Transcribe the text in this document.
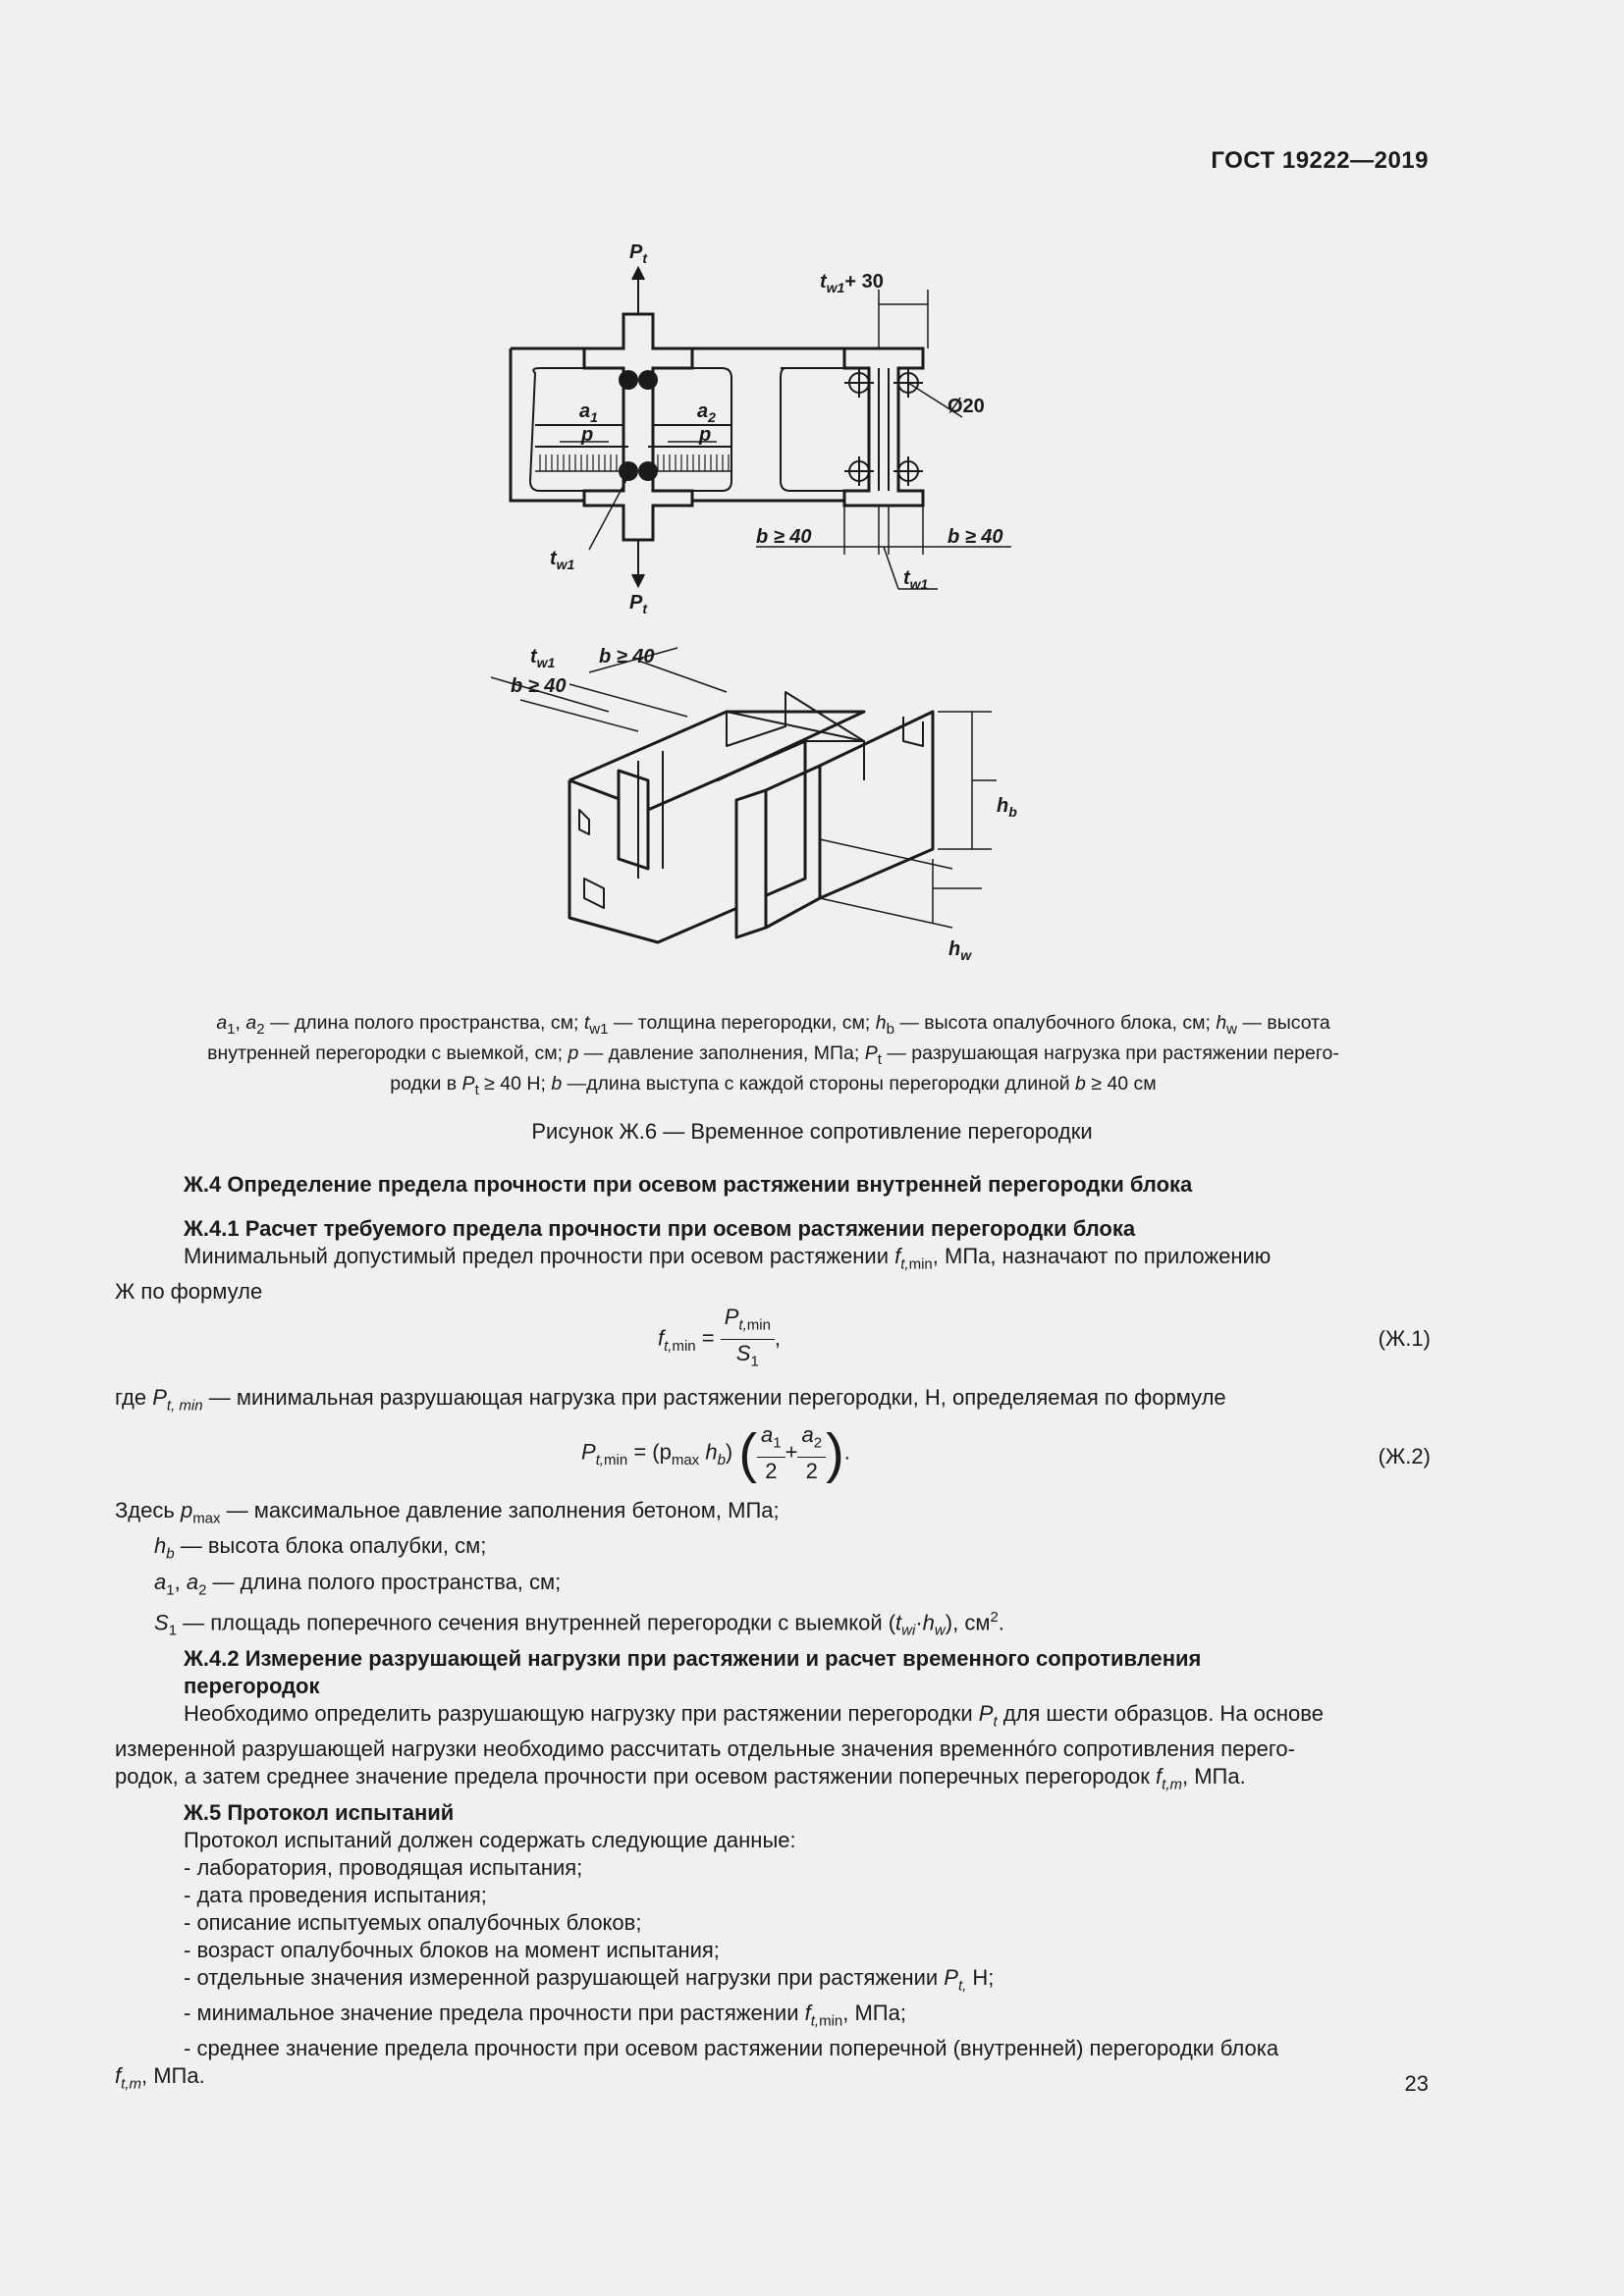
ГОСТ 19222—2019
$P_t$
$P_t$
$a_1$	$a_2$
p	p
$t_{w1}$
$t_{w1}+ 30$
Ø20
b ≥ 40	b ≥ 40
$t_{w1}$
$t_{w1}$ b ≥ 40
b ≥ 40
$h_b$
$h_w$
$a_1$, $a_2$ — длина полого пространства, см; $t_{w1}$ — толщина перегородки, см; $h_b$ — высота опалубочного блока, см; $h_w$ — высота
внутренней перегородки с выемкой, см; p — давление заполнения, МПа; $P_t$ — разрушающая нагрузка при растяжении перего-
родки в $P_t \ge 40$ Н; b —длина выступа с каждой стороны перегородки длиной b ≥ 40 см
Рисунок Ж.6 — Временное сопротивление перегородки
Ж.4 Определение предела прочности при осевом растяжении внутренней перегородки блока
Ж.4.1 Расчет требуемого предела прочности при осевом растяжении перегородки блока
Минимальный допустимый предел прочности при осевом растяжении $f_{t,min}$, МПа, назначают по приложению
Ж по формуле
$f_{t,min} = \frac{P_{t,min}}{S_1}$ ,	(Ж.1)
где $P_{t, min}$ — минимальная разрушающая нагрузка при растяжении перегородки, Н, определяемая по формуле
$P_{t,min} = (p_{max}$ $h_b$) ( $\frac{a_1}{2} + \frac{a_2}{2}$ ).	(Ж.2)
Здесь $p_{max}$ — максимальное давление заполнения бетоном, МПа;
$h_b$ — высота блока опалубки, см;
$a_1$, $a_2$ — длина полого пространства, см;
$S_1$ — площадь поперечного сечения внутренней перегородки с выемкой $(t_{wi}\cdot h_w)$, $см^2$.
Ж.4.2 Измерение разрушающей нагрузки при растяжении и расчет временного сопротивления
перегородок
Необходимо определить разрушающую нагрузку при растяжении перегородки $P_t$ для шести образцов. На основе
измеренной разрушающей нагрузки необходимо рассчитать отдельные значения временнóго сопротивления перего-
родок, а затем среднее значение предела прочности при осевом растяжении поперечных перегородок $f_{t,m}$, МПа.
Ж.5 Протокол испытаний
Протокол испытаний должен содержать следующие данные:
- лаборатория, проводящая испытания;
- дата проведения испытания;
- описание испытуемых опалубочных блоков;
- возраст опалубочных блоков на момент испытания;
- отдельные значения измеренной разрушающей нагрузки при растяжении $P_{t,}$ Н;
- минимальное значение предела прочности при растяжении $f_{t,min}$, МПа;
- среднее значение предела прочности при осевом растяжении поперечной (внутренней) перегородки блока
$f_{t,m}$, МПа.	23
